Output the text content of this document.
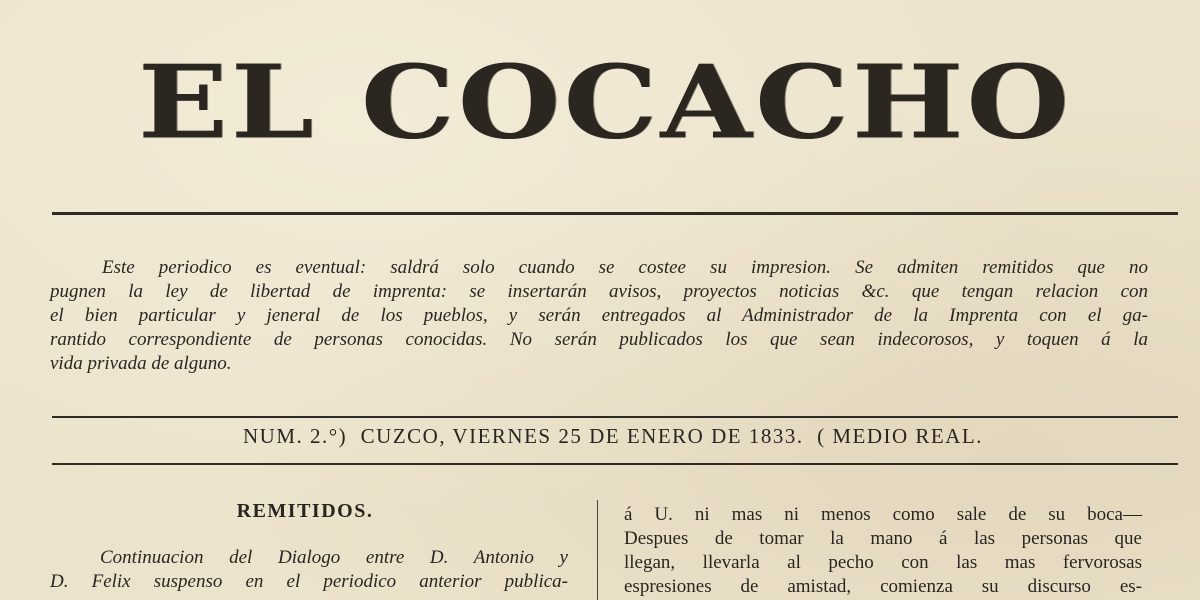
EL COCACHO

Este periodico es eventual: saldrá solo cuando se costee su impresion. Se admiten remitidos que no
pugnen la ley de libertad de imprenta: se insertarán avisos, proyectos noticias &c. que tengan relacion con
el bien particular y jeneral de los pueblos, y serán entregados al Administrador de la Imprenta con el ga-
rantido correspondiente de personas conocidas. No serán publicados los que sean indecorosos, y toquen á la
vida privada de alguno.

NUM. 2.°) CUZCO, VIERNES 25 DE ENERO DE 1833. ( MEDIO REAL.
REMITIDOS.
Continuacion del Dialogo entre D. Antonio y
D. Felix suspenso en el periodico anterior publica-
á U. ni mas ni menos como sale de su boca—
Despues de tomar la mano á las personas que
llegan, llevarla al pecho con las mas fervorosas
espresiones de amistad, comienza su discurso es-
